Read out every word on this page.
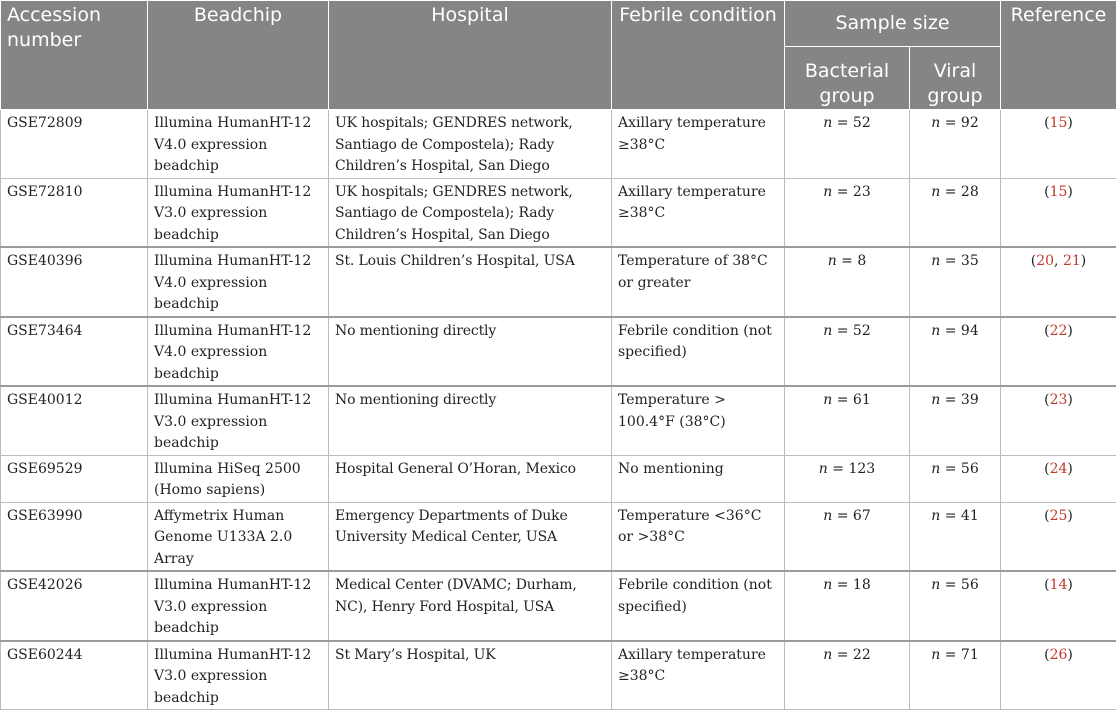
Accession number	Beadchip	Hospital	Febrile condition	Sample size		Reference
				Bacterial group	Viral group	
GSE72809	Illumina HumanHT-12 V4.0 expression beadchip	UK hospitals; GENDRES network, Santiago de Compostela); Rady Children’s Hospital, San Diego	Axillary temperature ≥38°C	n = 52	n = 92	(15)
GSE72810	Illumina HumanHT-12 V3.0 expression beadchip	UK hospitals; GENDRES network, Santiago de Compostela); Rady Children’s Hospital, San Diego	Axillary temperature ≥38°C	n = 23	n = 28	(15)
GSE40396	Illumina HumanHT-12 V4.0 expression beadchip	St. Louis Children’s Hospital, USA	Temperature of 38°C or greater	n = 8	n = 35	(20, 21)
GSE73464	Illumina HumanHT-12 V4.0 expression beadchip	No mentioning directly	Febrile condition (not specified)	n = 52	n = 94	(22)
GSE40012	Illumina HumanHT-12 V3.0 expression beadchip	No mentioning directly	Temperature > 100.4°F (38°C)	n = 61	n = 39	(23)
GSE69529	Illumina HiSeq 2500 (Homo sapiens)	Hospital General O’Horan, Mexico	No mentioning	n = 123	n = 56	(24)
GSE63990	Affymetrix Human Genome U133A 2.0 Array	Emergency Departments of Duke University Medical Center, USA	Temperature <36°C or >38°C	n = 67	n = 41	(25)
GSE42026	Illumina HumanHT-12 V3.0 expression beadchip	Medical Center (DVAMC; Durham, NC), Henry Ford Hospital, USA	Febrile condition (not specified)	n = 18	n = 56	(14)
GSE60244	Illumina HumanHT-12 V3.0 expression beadchip	St Mary’s Hospital, UK	Axillary temperature ≥38°C	n = 22	n = 71	(26)
